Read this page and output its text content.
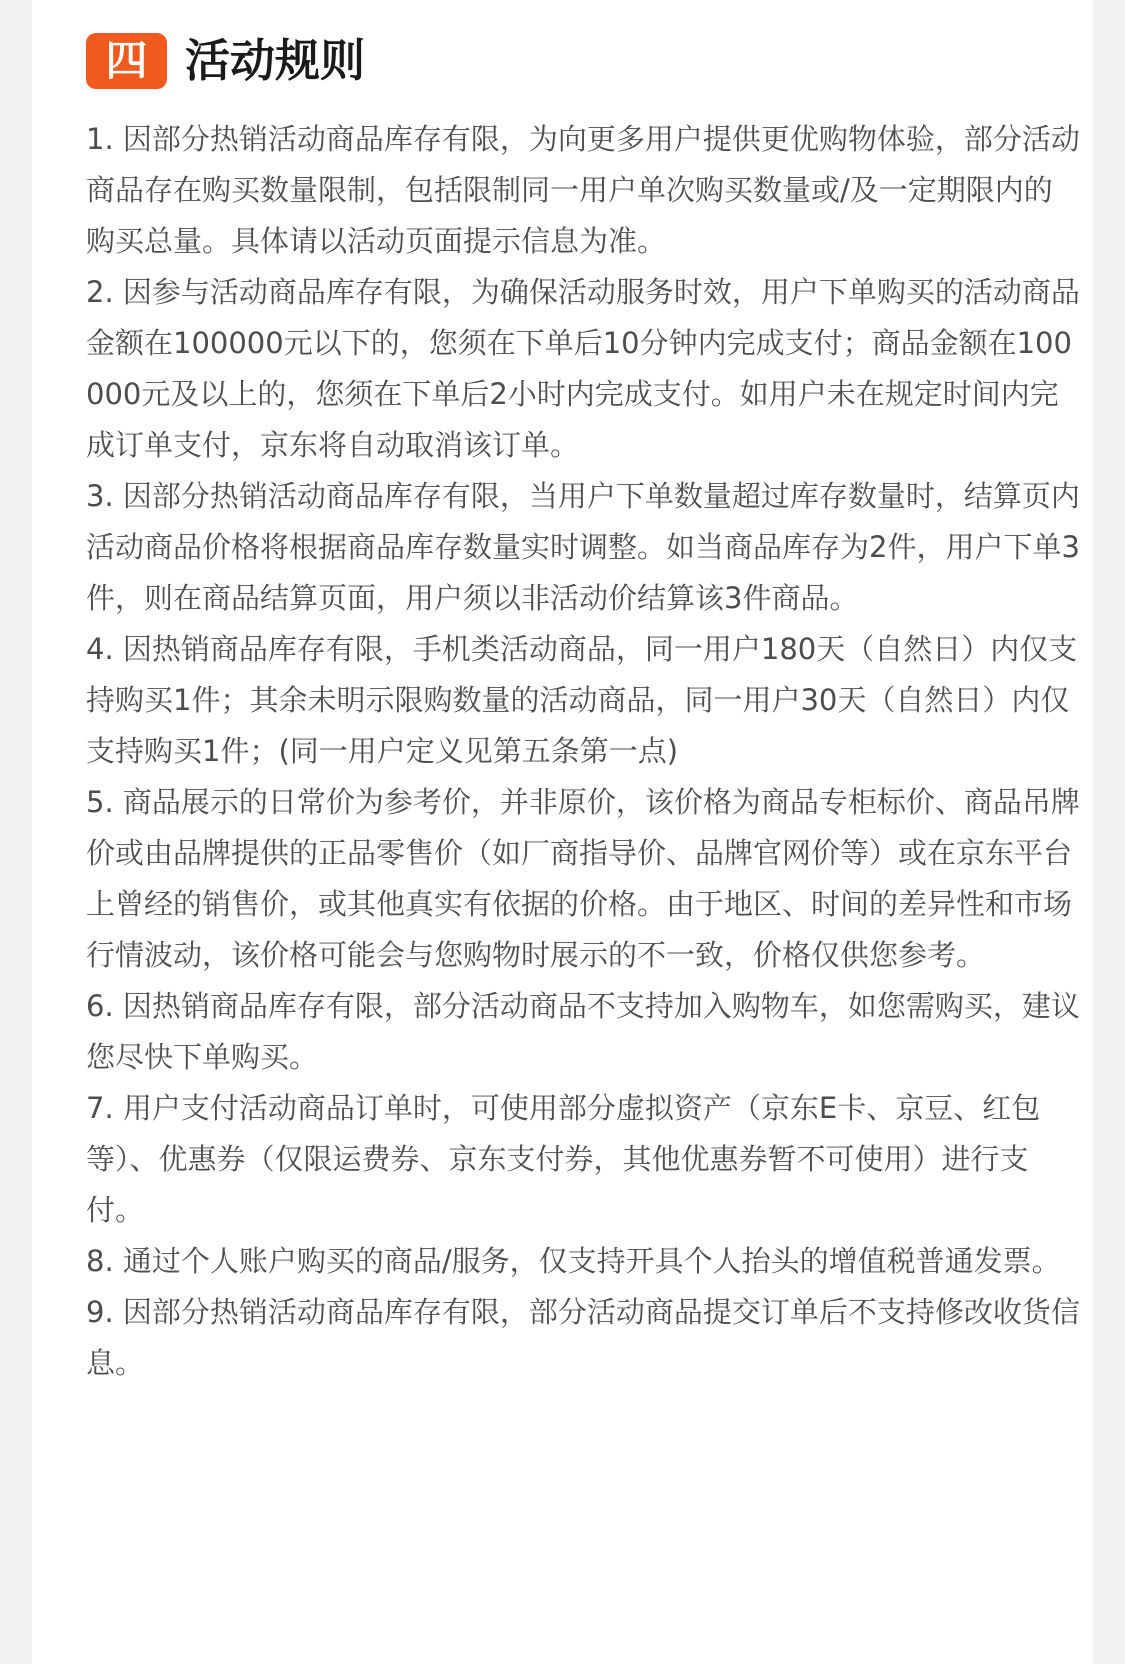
四 活动规则
1. 因部分热销活动商品库存有限，为向更多用户提供更优购物体验，部分活动商品存在购买数量限制，包括限制同一用户单次购买数量或/及一定期限内的购买总量。具体请以活动页面提示信息为准。
2. 因参与活动商品库存有限，为确保活动服务时效，用户下单购买的活动商品金额在100000元以下的，您须在下单后10分钟内完成支付；商品金额在100000元及以上的，您须在下单后2小时内完成支付。如用户未在规定时间内完成订单支付，京东将自动取消该订单。
3. 因部分热销活动商品库存有限，当用户下单数量超过库存数量时，结算页内活动商品价格将根据商品库存数量实时调整。如当商品库存为2件，用户下单3件，则在商品结算页面，用户须以非活动价结算该3件商品。
4. 因热销商品库存有限，手机类活动商品，同一用户180天（自然日）内仅支持购买1件；其余未明示限购数量的活动商品，同一用户30天（自然日）内仅支持购买1件；(同一用户定义见第五条第一点)
5. 商品展示的日常价为参考价，并非原价，该价格为商品专柜标价、商品吊牌价或由品牌提供的正品零售价（如厂商指导价、品牌官网价等）或在京东平台上曾经的销售价，或其他真实有依据的价格。由于地区、时间的差异性和市场行情波动，该价格可能会与您购物时展示的不一致，价格仅供您参考。
6. 因热销商品库存有限，部分活动商品不支持加入购物车，如您需购买，建议您尽快下单购买。
7. 用户支付活动商品订单时，可使用部分虚拟资产（京东E卡、京豆、红包等）、优惠券（仅限运费券、京东支付券，其他优惠券暂不可使用）进行支付。
8. 通过个人账户购买的商品/服务，仅支持开具个人抬头的增值税普通发票。
9. 因部分热销活动商品库存有限，部分活动商品提交订单后不支持修改收货信息。
